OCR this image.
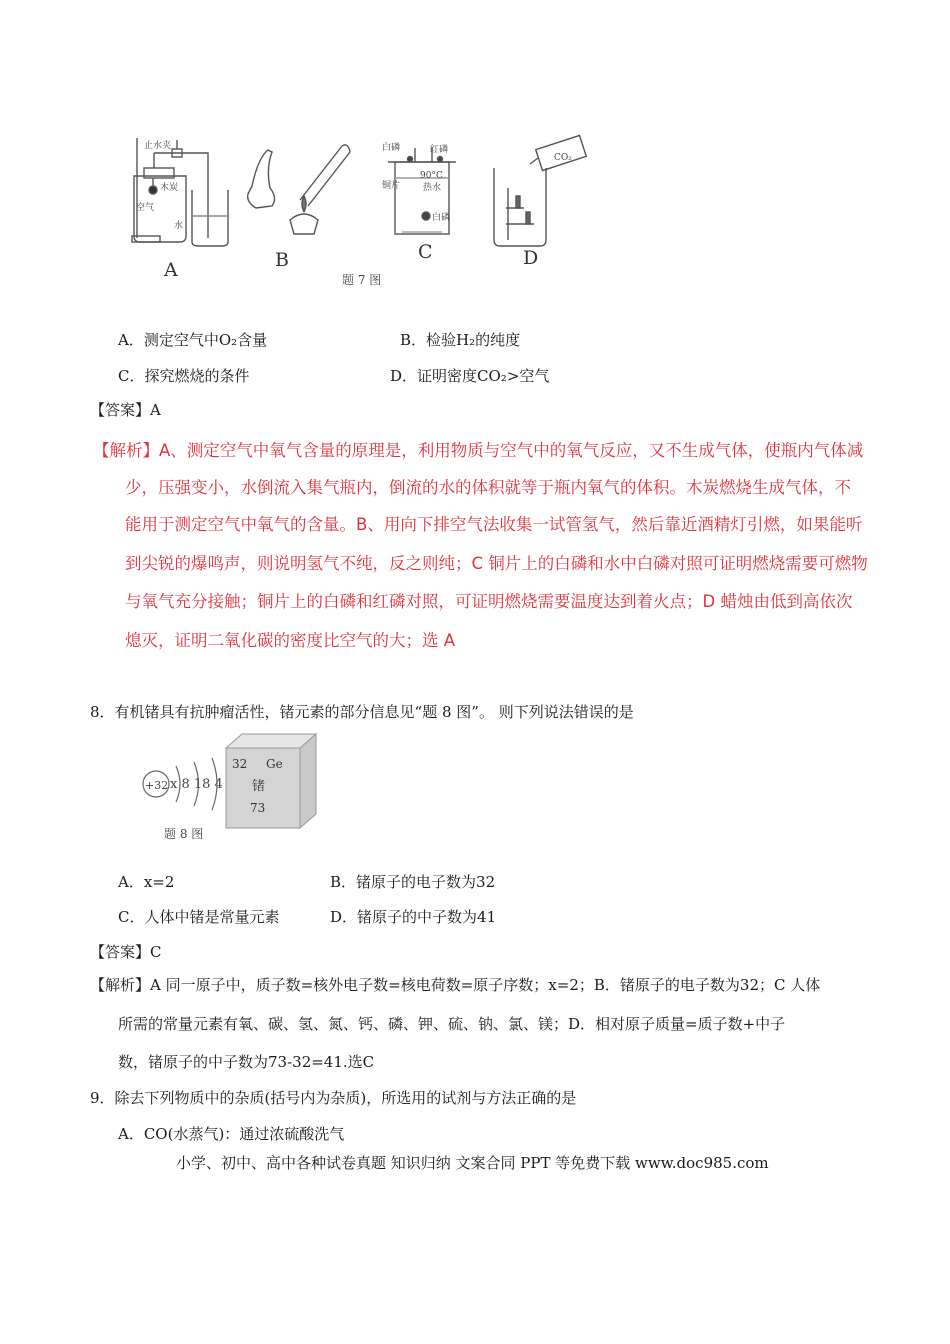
止水夹
木炭
空气
水
白磷	红磷
90°C
热水
铜片
白磷
CO₂
A	B	C	D
题 7 图
A．测定空气中O₂含量	B．检验H₂的纯度
C．探究燃烧的条件	D．证明密度CO₂>空气
【答案】A
【解析】A、测定空气中氧气含量的原理是，利用物质与空气中的氧气反应，又不生成气体，使瓶内气体减
少，压强变小，水倒流入集气瓶内，倒流的水的体积就等于瓶内氧气的体积。木炭燃烧生成气体，不
能用于测定空气中氧气的含量。B、用向下排空气法收集一试管氢气，然后靠近酒精灯引燃，如果能听
到尖锐的爆鸣声，则说明氢气不纯，反之则纯；C 铜片上的白磷和水中白磷对照可证明燃烧需要可燃物
与氧气充分接触；铜片上的白磷和红磷对照，可证明燃烧需要温度达到着火点；D 蜡烛由低到高依次
熄灭，证明二氧化碳的密度比空气的大；选 A
8．有机锗具有抗肿瘤活性，锗元素的部分信息见“题 8 图”。 则下列说法错误的是
+32 x 8 18 4
32 Ge
锗
73
题 8 图
A．x=2	B．锗原子的电子数为32
C．人体中锗是常量元素	D．锗原子的中子数为41
【答案】C
【解析】A 同一原子中，质子数=核外电子数=核电荷数=原子序数；x=2；B．锗原子的电子数为32；C 人体
所需的常量元素有氧、碳、氢、氮、钙、磷、钾、硫、钠、氯、镁；D．相对原子质量=质子数+中子
数，锗原子的中子数为73-32=41.选C
9．除去下列物质中的杂质(括号内为杂质)，所选用的试剂与方法正确的是
A．CO(水蒸气)：通过浓硫酸洗气
小学、初中、高中各种试卷真题 知识归纳 文案合同 PPT 等免费下载 www.doc985.com
